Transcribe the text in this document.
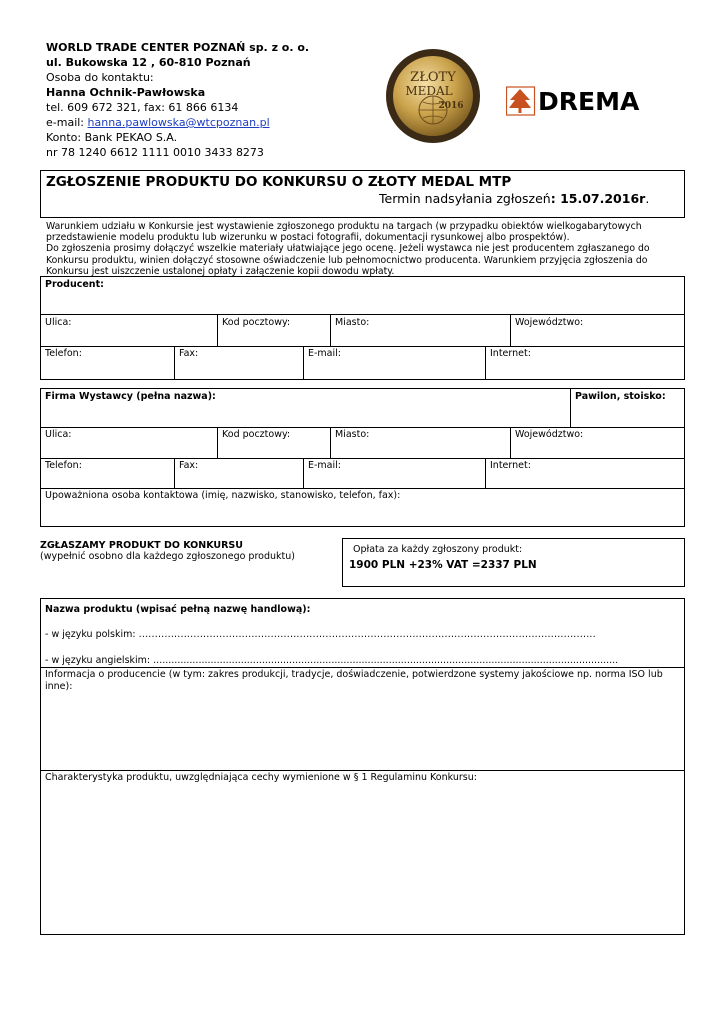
WORLD TRADE CENTER POZNAŃ sp. z o. o.
ul. Bukowska 12 , 60-810 Poznań
Osoba do kontaktu:
Hanna Ochnik-Pawłowska
tel. 609 672 321, fax: 61 866 6134
e-mail: hanna.pawlowska@wtcpoznan.pl
Konto: Bank PEKAO S.A.
nr 78 1240 6612 1111 0010 3433 8273
ZŁOTY
MEDAL
2016	DREMA
ZGŁOSZENIE PRODUKTU DO KONKURSU O ZŁOTY MEDAL MTP
Termin nadsyłania zgłoszeń: 15.07.2016r.
Warunkiem udziału w Konkursie jest wystawienie zgłoszonego produktu na targach (w przypadku obiektów wielkogabarytowych
przedstawienie modelu produktu lub wizerunku w postaci fotografii, dokumentacji rysunkowej albo prospektów).
Do zgłoszenia prosimy dołączyć wszelkie materiały ułatwiające jego ocenę. Jeżeli wystawca nie jest producentem zgłaszanego do
Konkursu produktu, winien dołączyć stosowne oświadczenie lub pełnomocnictwo producenta. Warunkiem przyjęcia zgłoszenia do
Konkursu jest uiszczenie ustalonej opłaty i załączenie kopii dowodu wpłaty.
Producent:
Ulica:	Kod pocztowy:	Miasto:	Województwo:
Telefon:	Fax:	E-mail:	Internet:
Firma Wystawcy (pełna nazwa):	Pawilon, stoisko:
Ulica:	Kod pocztowy:	Miasto:	Województwo:
Telefon:	Fax:	E-mail:	Internet:
Upoważniona osoba kontaktowa (imię, nazwisko, stanowisko, telefon, fax):
ZGŁASZAMY PRODUKT DO KONKURSU
(wypełnić osobno dla każdego zgłoszonego produktu)
Opłata za każdy zgłoszony produkt:
1900 PLN +23% VAT =2337 PLN
Nazwa produktu (wpisać pełną nazwę handlową):
- w języku polskim: ..............................................................................................................................................
- w języku angielskim: ..........................................................................................................................................................
Informacja o producencie (w tym: zakres produkcji, tradycje, doświadczenie, potwierdzone systemy jakościowe np. norma ISO lub inne):
Charakterystyka produktu, uwzględniająca cechy wymienione w § 1 Regulaminu Konkursu:
